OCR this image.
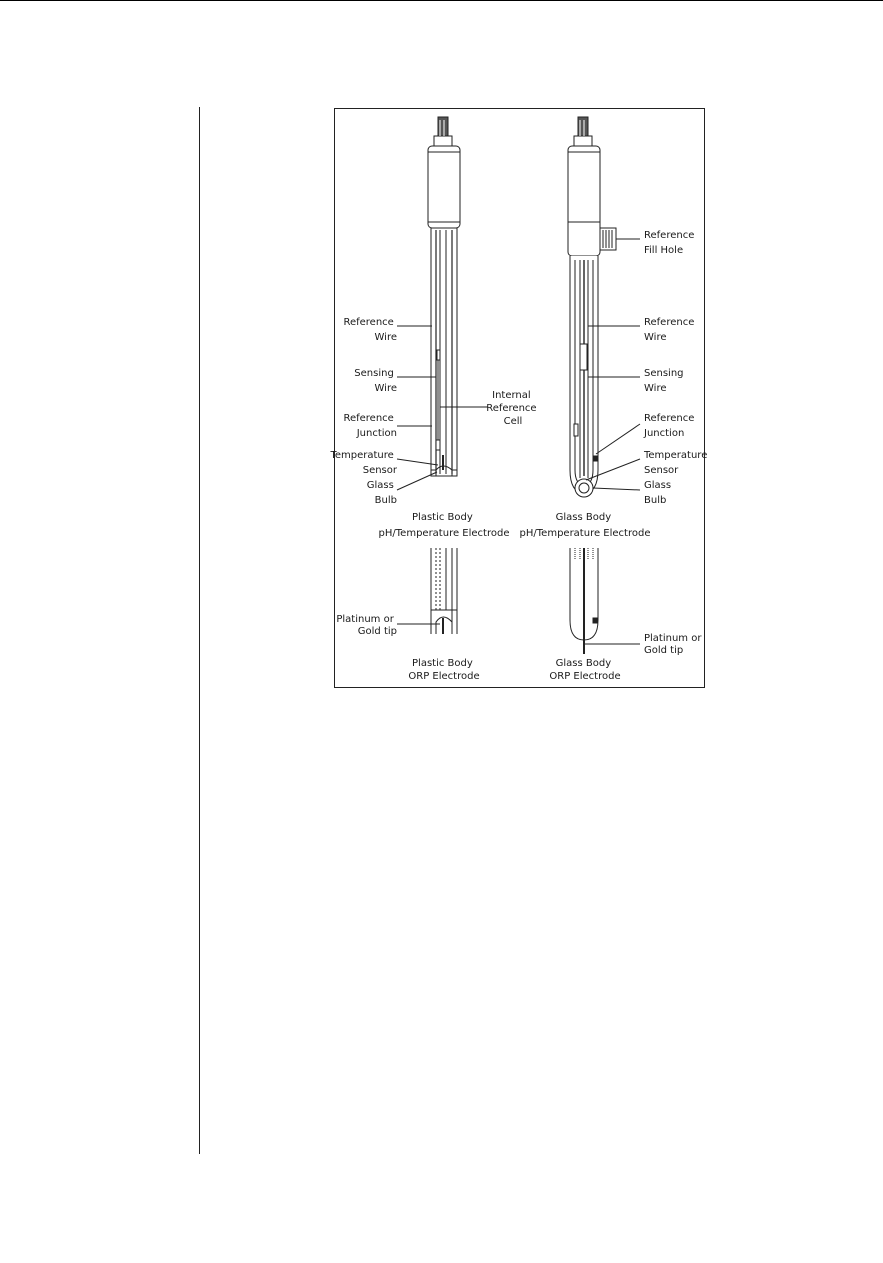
Reference Wire
Sensing Wire
Reference Junction
Temperature Sensor
Glass Bulb
Internal Reference Cell
Reference Fill Hole
Reference Wire
Sensing Wire
Reference Junction
Temperature Sensor
Glass Bulb
Plastic Body pH/Temperature Electrode
Glass Body pH/Temperature Electrode
Platinum or Gold tip
Platinum or Gold tip
Plastic Body ORP Electrode
Glass Body ORP Electrode
